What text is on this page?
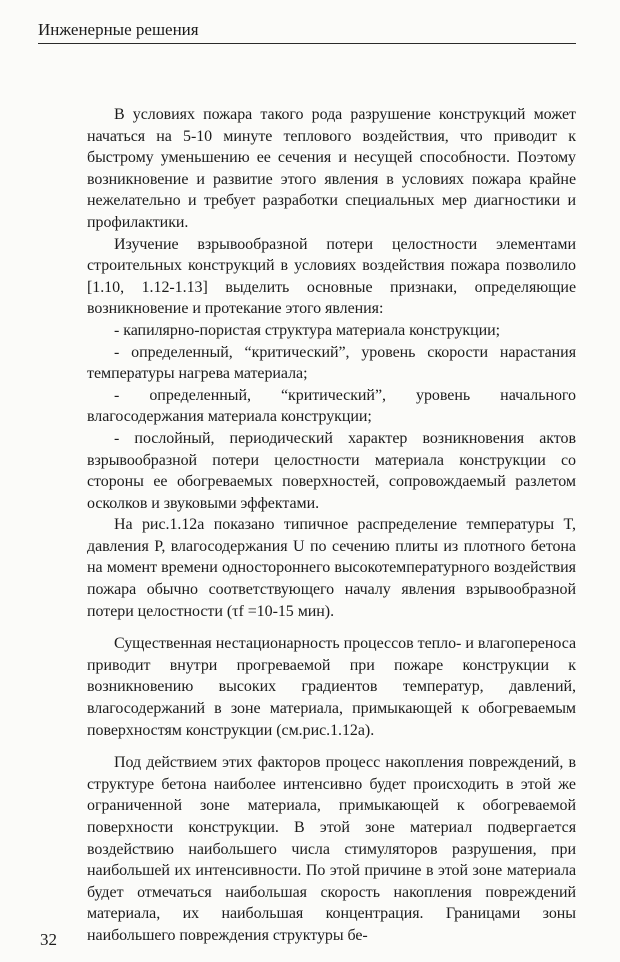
Инженерные решения

В условиях пожара такого рода разрушение конструкций может начаться на 5-10 минуте теплового воздействия, что приводит к быстрому уменьшению ее сечения и несущей способности. Поэтому возникновение и развитие этого явления в условиях пожара крайне нежелательно и требует разработки специальных мер диагностики и профилактики.

Изучение взрывообразной потери целостности элементами строительных конструкций в условиях воздействия пожара позволило [1.10, 1.12-1.13] выделить основные признаки, определяющие возникновение и протекание этого явления:

- капилярно-пористая структура материала конструкции;

- определенный, “критический”, уровень скорости нарастания температуры нагрева материала;

- определенный, “критический”, уровень начального влагосодержания материала конструкции;

- послойный, периодический характер возникновения актов взрывообразной потери целостности материала конструкции со стороны ее обогреваемых поверхностей, сопровождаемый разлетом осколков и звуковыми эффектами.

На рис.1.12а показано типичное распределение температуры T, давления P, влагосодержания U по сечению плиты из плотного бетона на момент времени одностороннего высокотемпературного воздействия пожара обычно соответствующего началу явления взрывообразной потери целостности (τf =10-15 мин).

Существенная нестационарность процессов тепло- и влагопереноса приводит внутри прогреваемой при пожаре конструкции к возникновению высоких градиентов температур, давлений, влагосодержаний в зоне материала, примыкающей к обогреваемым поверхностям конструкции (см.рис.1.12а).

Под действием этих факторов процесс накопления повреждений, в структуре бетона наиболее интенсивно будет происходить в этой же ограниченной зоне материала, примыкающей к обогреваемой поверхности конструкции. В этой зоне материал подвергается воздействию наибольшего числа стимуляторов разрушения, при наибольшей их интенсивности. По этой причине в этой зоне материала будет отмечаться наибольшая скорость накопления повреждений материала, их наибольшая концентрация. Границами зоны наибольшего повреждения структуры бе-

32
